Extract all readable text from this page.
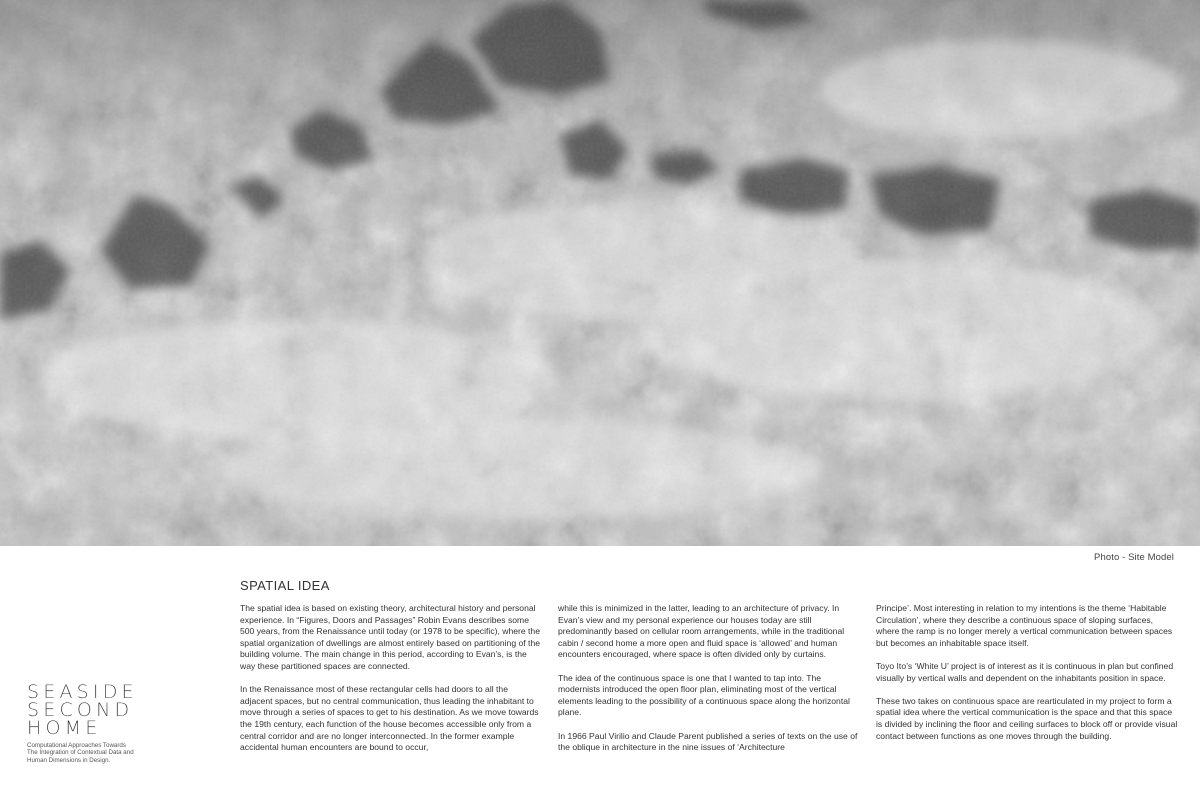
Photo - Site Model
SPATIAL IDEA

The spatial idea is based on existing theory, architectural history and personal experience. In “Figures, Doors and Passages” Robin Evans describes some 500 years, from the Renaissance until today (or 1978 to be specific), where the spatial organization of dwellings are almost entirely based on partitioning of the building volume. The main change in this period, according to Evan’s, is the way these partitioned spaces are connected.

In the Renaissance most of these rectangular cells had doors to all the adjacent spaces, but no central communication, thus leading the inhabitant to move through a series of spaces to get to his destination. As we move towards the 19th century, each function of the house becomes accessible only from a central corridor and are no longer interconnected. In the former example accidental human encounters are bound to occur,

while this is minimized in the latter, leading to an architecture of privacy. In Evan’s view and my personal experience our houses today are still predominantly based on cellular room arrangements, while in the traditional cabin / second home a more open and fluid space is ‘allowed’ and human encounters encouraged, where space is often divided only by curtains.

The idea of the continuous space is one that I wanted to tap into. The modernists introduced the open floor plan, eliminating most of the vertical elements leading to the possibility of a continuous space along the horizontal plane.

In 1966 Paul Virilio and Claude Parent published a series of texts on the use of the oblique in architecture in the nine issues of ‘Architecture

Principe’. Most interesting in relation to my intentions is the theme ‘Habitable Circulation’, where they describe a continuous space of sloping surfaces, where the ramp is no longer merely a vertical communication between spaces but becomes an inhabitable space itself.

Toyo Ito’s ‘White U’ project is of interest as it is continuous in plan but confined visually by vertical walls and dependent on the inhabitants position in space.

These two takes on continuous space are rearticulated in my project to form a spatial idea where the vertical communication is the space and that this space is divided by inclining the floor and ceiling surfaces to block off or provide visual contact between functions as one moves through the building.

SEASIDE
SECOND
HOME
Computational Approaches Towards
The Integration of Contextual Data and
Human Dimensions in Design.
